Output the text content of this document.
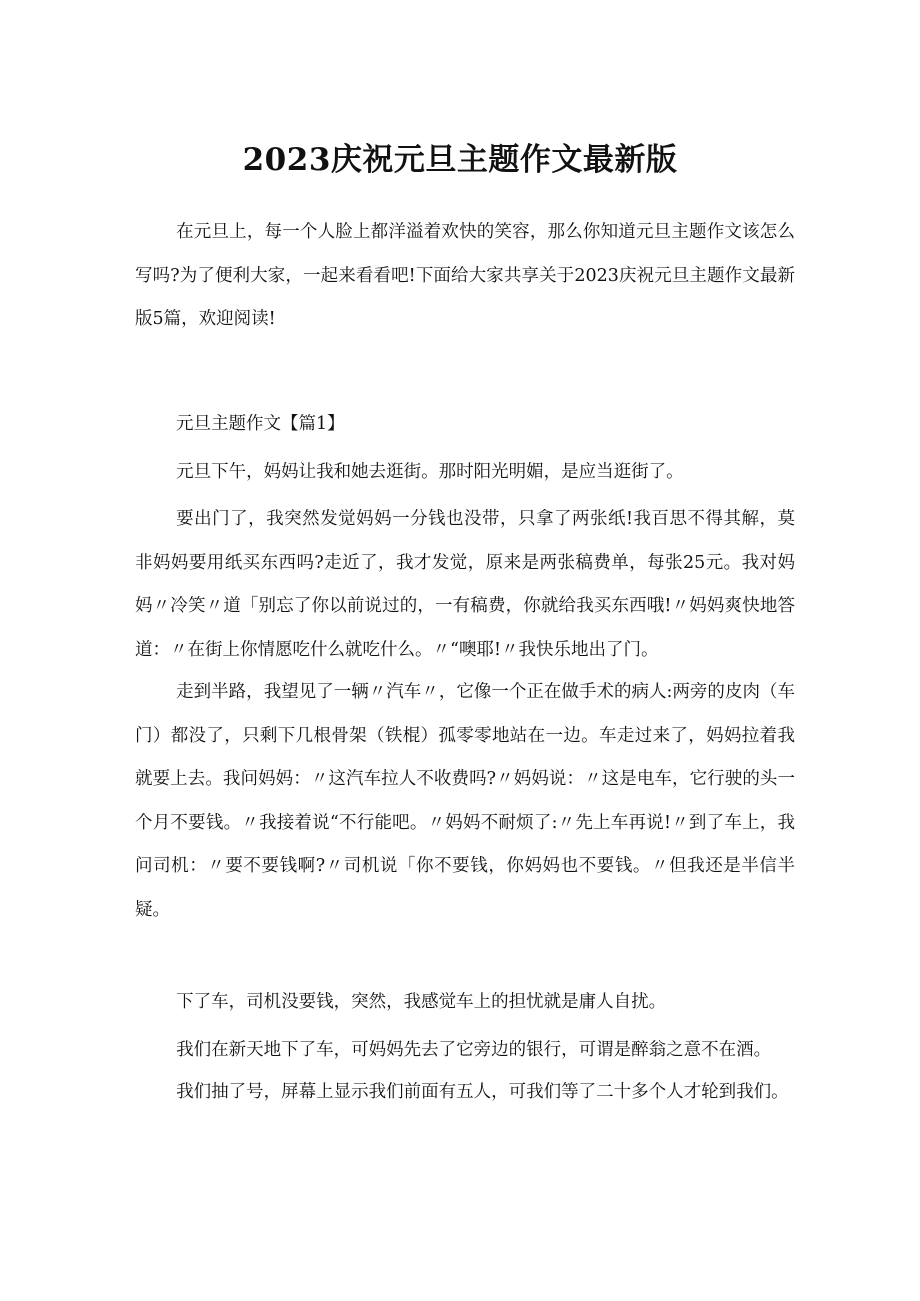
2023庆祝元旦主题作文最新版

在元旦上，每一个人脸上都洋溢着欢快的笑容，那么你知道元旦主题作文该怎么写吗?为了便利大家，一起来看看吧!下面给大家共享关于2023庆祝元旦主题作文最新版5篇，欢迎阅读!

元旦主题作文【篇1】

元旦下午，妈妈让我和她去逛街。那时阳光明媚，是应当逛街了。

要出门了，我突然发觉妈妈一分钱也没带，只拿了两张纸!我百思不得其解，莫非妈妈要用纸买东西吗?走近了，我才发觉，原来是两张稿费单，每张25元。我对妈妈〃冷笑〃道「别忘了你以前说过的，一有稿费，你就给我买东西哦!〃妈妈爽快地答道：〃在街上你情愿吃什么就吃什么。〃“噢耶!〃我快乐地出了门。

走到半路，我望见了一辆〃汽车〃，它像一个正在做手术的病人:两旁的皮肉（车门）都没了，只剩下几根骨架（铁棍）孤零零地站在一边。车走过来了，妈妈拉着我就要上去。我问妈妈：〃这汽车拉人不收费吗?〃妈妈说：〃这是电车，它行驶的头一个月不要钱。〃我接着说“不行能吧。〃妈妈不耐烦了:〃先上车再说!〃到了车上，我问司机：〃要不要钱啊?〃司机说「你不要钱，你妈妈也不要钱。〃但我还是半信半疑。

下了车，司机没要钱，突然，我感觉车上的担忧就是庸人自扰。

我们在新天地下了车，可妈妈先去了它旁边的银行，可谓是醉翁之意不在酒。

我们抽了号，屏幕上显示我们前面有五人，可我们等了二十多个人才轮到我们。
